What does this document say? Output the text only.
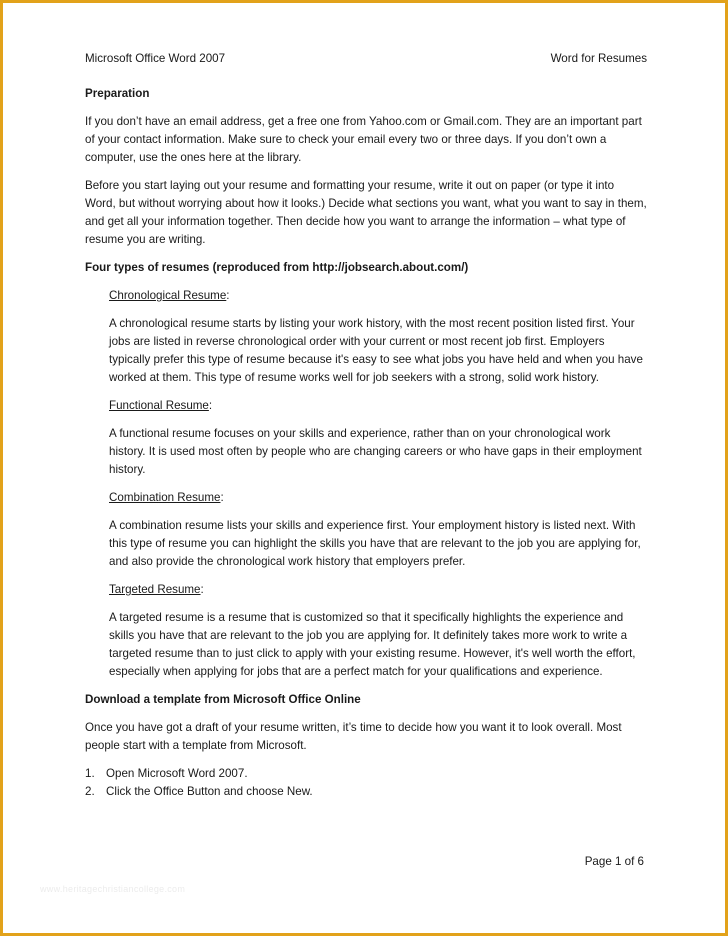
Microsoft Office Word 2007	Word for Resumes
Preparation

If you don’t have an email address, get a free one from Yahoo.com or Gmail.com. They are an important part of your contact information. Make sure to check your email every two or three days. If you don’t own a computer, use the ones here at the library.

Before you start laying out your resume and formatting your resume, write it out on paper (or type it into Word, but without worrying about how it looks.) Decide what sections you want, what you want to say in them, and get all your information together. Then decide how you want to arrange the information – what type of resume you are writing.

Four types of resumes (reproduced from http://jobsearch.about.com/)
Chronological Resume:

A chronological resume starts by listing your work history, with the most recent position listed first. Your jobs are listed in reverse chronological order with your current or most recent job first. Employers typically prefer this type of resume because it's easy to see what jobs you have held and when you have worked at them. This type of resume works well for job seekers with a strong, solid work history.

Functional Resume:

A functional resume focuses on your skills and experience, rather than on your chronological work history. It is used most often by people who are changing careers or who have gaps in their employment history.

Combination Resume:

A combination resume lists your skills and experience first. Your employment history is listed next. With this type of resume you can highlight the skills you have that are relevant to the job you are applying for, and also provide the chronological work history that employers prefer.

Targeted Resume:

A targeted resume is a resume that is customized so that it specifically highlights the experience and skills you have that are relevant to the job you are applying for. It definitely takes more work to write a targeted resume than to just click to apply with your existing resume. However, it's well worth the effort, especially when applying for jobs that are a perfect match for your qualifications and experience.

Download a template from Microsoft Office Online

Once you have got a draft of your resume written, it’s time to decide how you want it to look overall. Most people start with a template from Microsoft.

1. Open Microsoft Word 2007.
2. Click the Office Button and choose New.
Page 1 of 6
www.heritagechristiancollege.com
